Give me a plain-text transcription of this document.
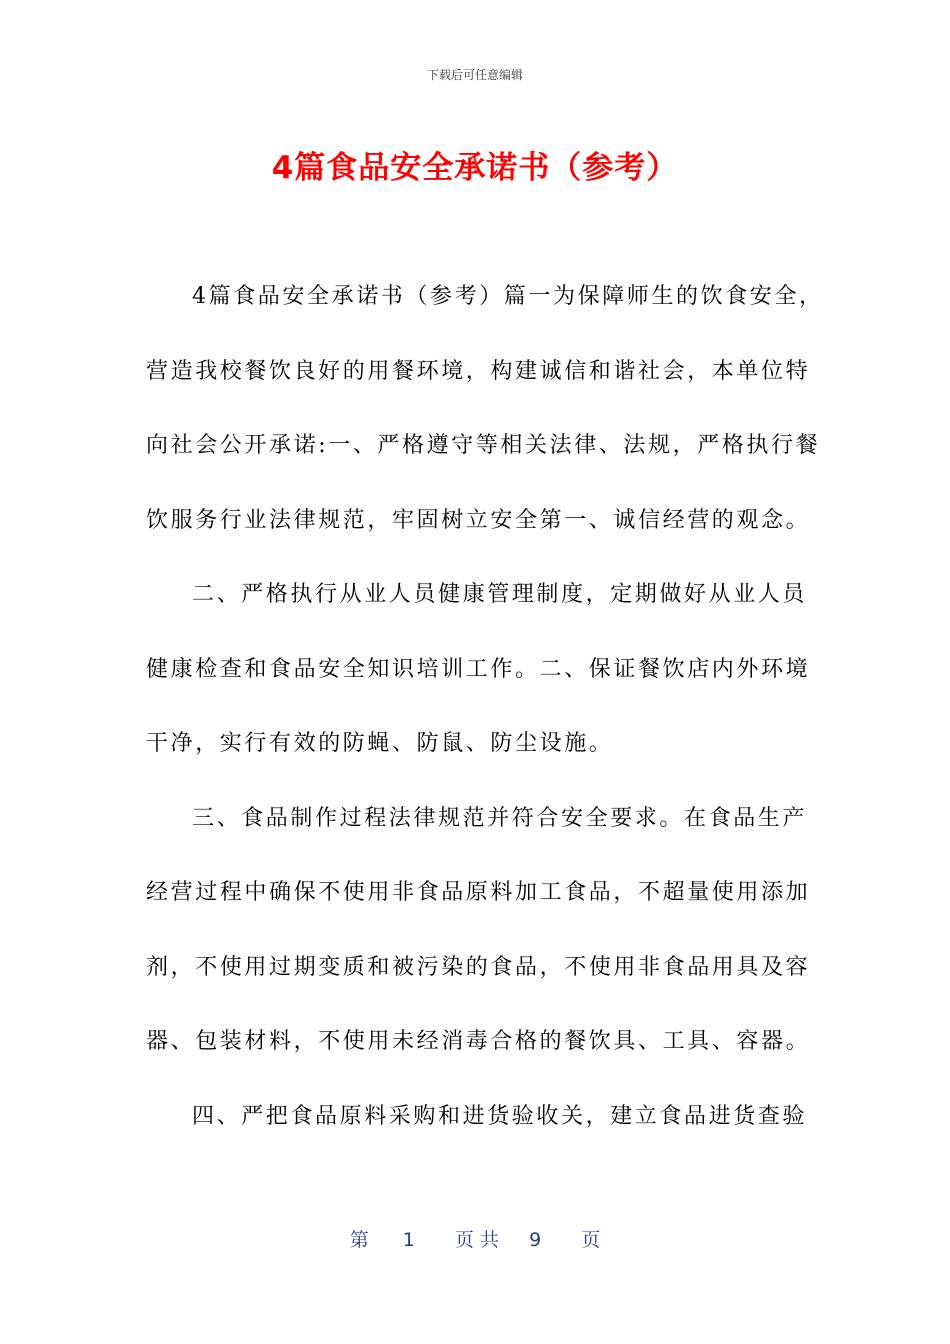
下载后可任意编辑
4篇食品安全承诺书（参考）
4篇食品安全承诺书（参考）篇一为保障师生的饮食安全，
营造我校餐饮良好的用餐环境，构建诚信和谐社会，本单位特
向社会公开承诺:一、严格遵守等相关法律、法规，严格执行餐
饮服务行业法律规范，牢固树立安全第一、诚信经营的观念。
二、严格执行从业人员健康管理制度，定期做好从业人员
健康检查和食品安全知识培训工作。二、保证餐饮店内外环境
干净，实行有效的防蝇、防鼠、防尘设施。
三、食品制作过程法律规范并符合安全要求。在食品生产
经营过程中确保不使用非食品原料加工食品，不超量使用添加
剂，不使用过期变质和被污染的食品，不使用非食品用具及容
器、包装材料，不使用未经消毒合格的餐饮具、工具、容器。
四、严把食品原料采购和进货验收关，建立食品进货查验
第 1 页共 9 页
